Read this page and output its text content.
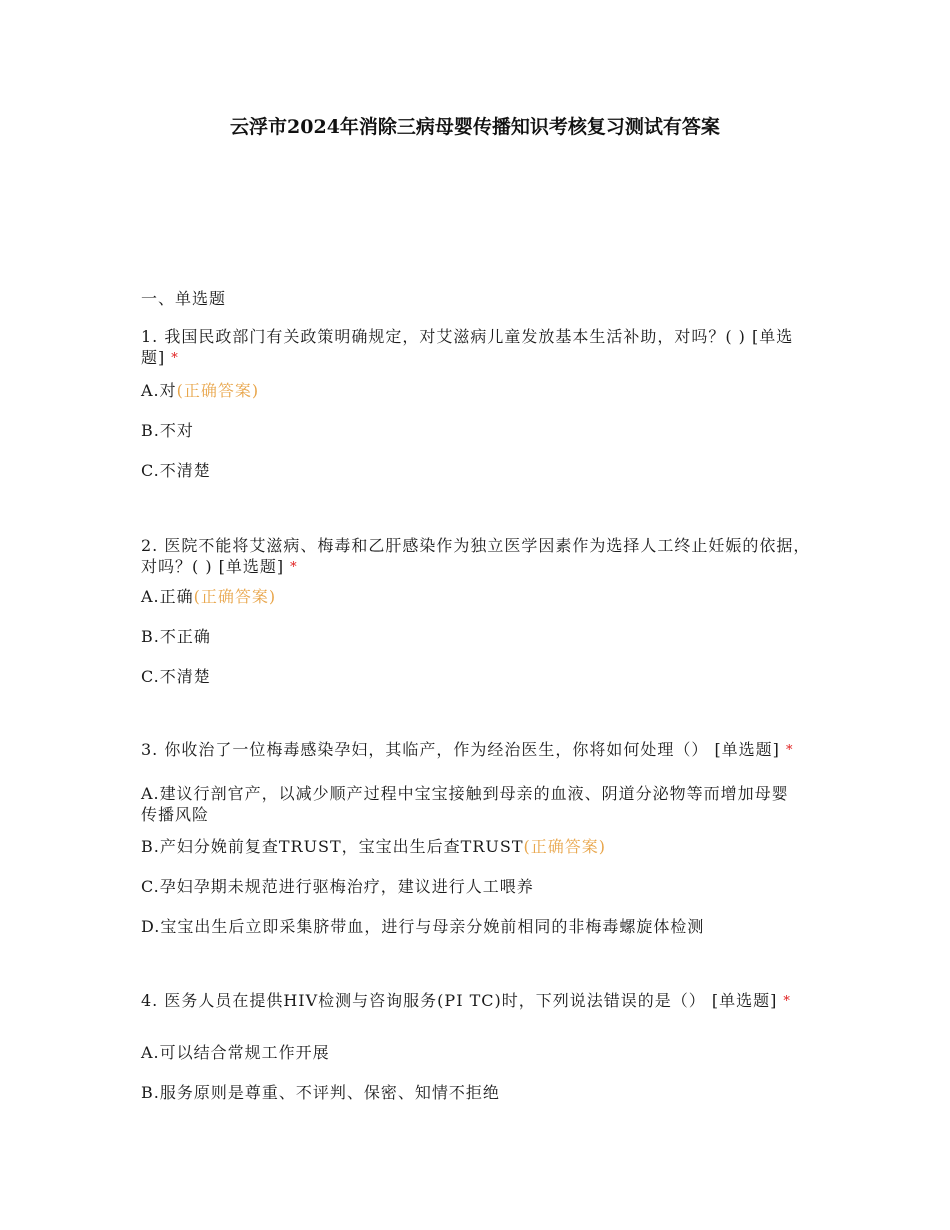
云浮市2024年消除三病母婴传播知识考核复习测试有答案
一、单选题

1. 我国民政部门有关政策明确规定，对艾滋病儿童发放基本生活补助，对吗？( ) [单选题] *

A.对(正确答案)

B.不对

C.不清楚

2. 医院不能将艾滋病、梅毒和乙肝感染作为独立医学因素作为选择人工终止妊娠的依据，对吗？( ) [单选题] *

A.正确(正确答案)

B.不正确

C.不清楚

3. 你收治了一位梅毒感染孕妇，其临产，作为经治医生，你将如何处理（） [单选题] *

A.建议行剖官产，以减少顺产过程中宝宝接触到母亲的血液、阴道分泌物等而增加母婴传播风险

B.产妇分娩前复查TRUST，宝宝出生后查TRUST(正确答案)

C.孕妇孕期未规范进行驱梅治疗，建议进行人工喂养

D.宝宝出生后立即采集脐带血，进行与母亲分娩前相同的非梅毒螺旋体检测

4. 医务人员在提供HIV检测与咨询服务(PI TC)时，下列说法错误的是（） [单选题] *

A.可以结合常规工作开展

B.服务原则是尊重、不评判、保密、知情不拒绝
